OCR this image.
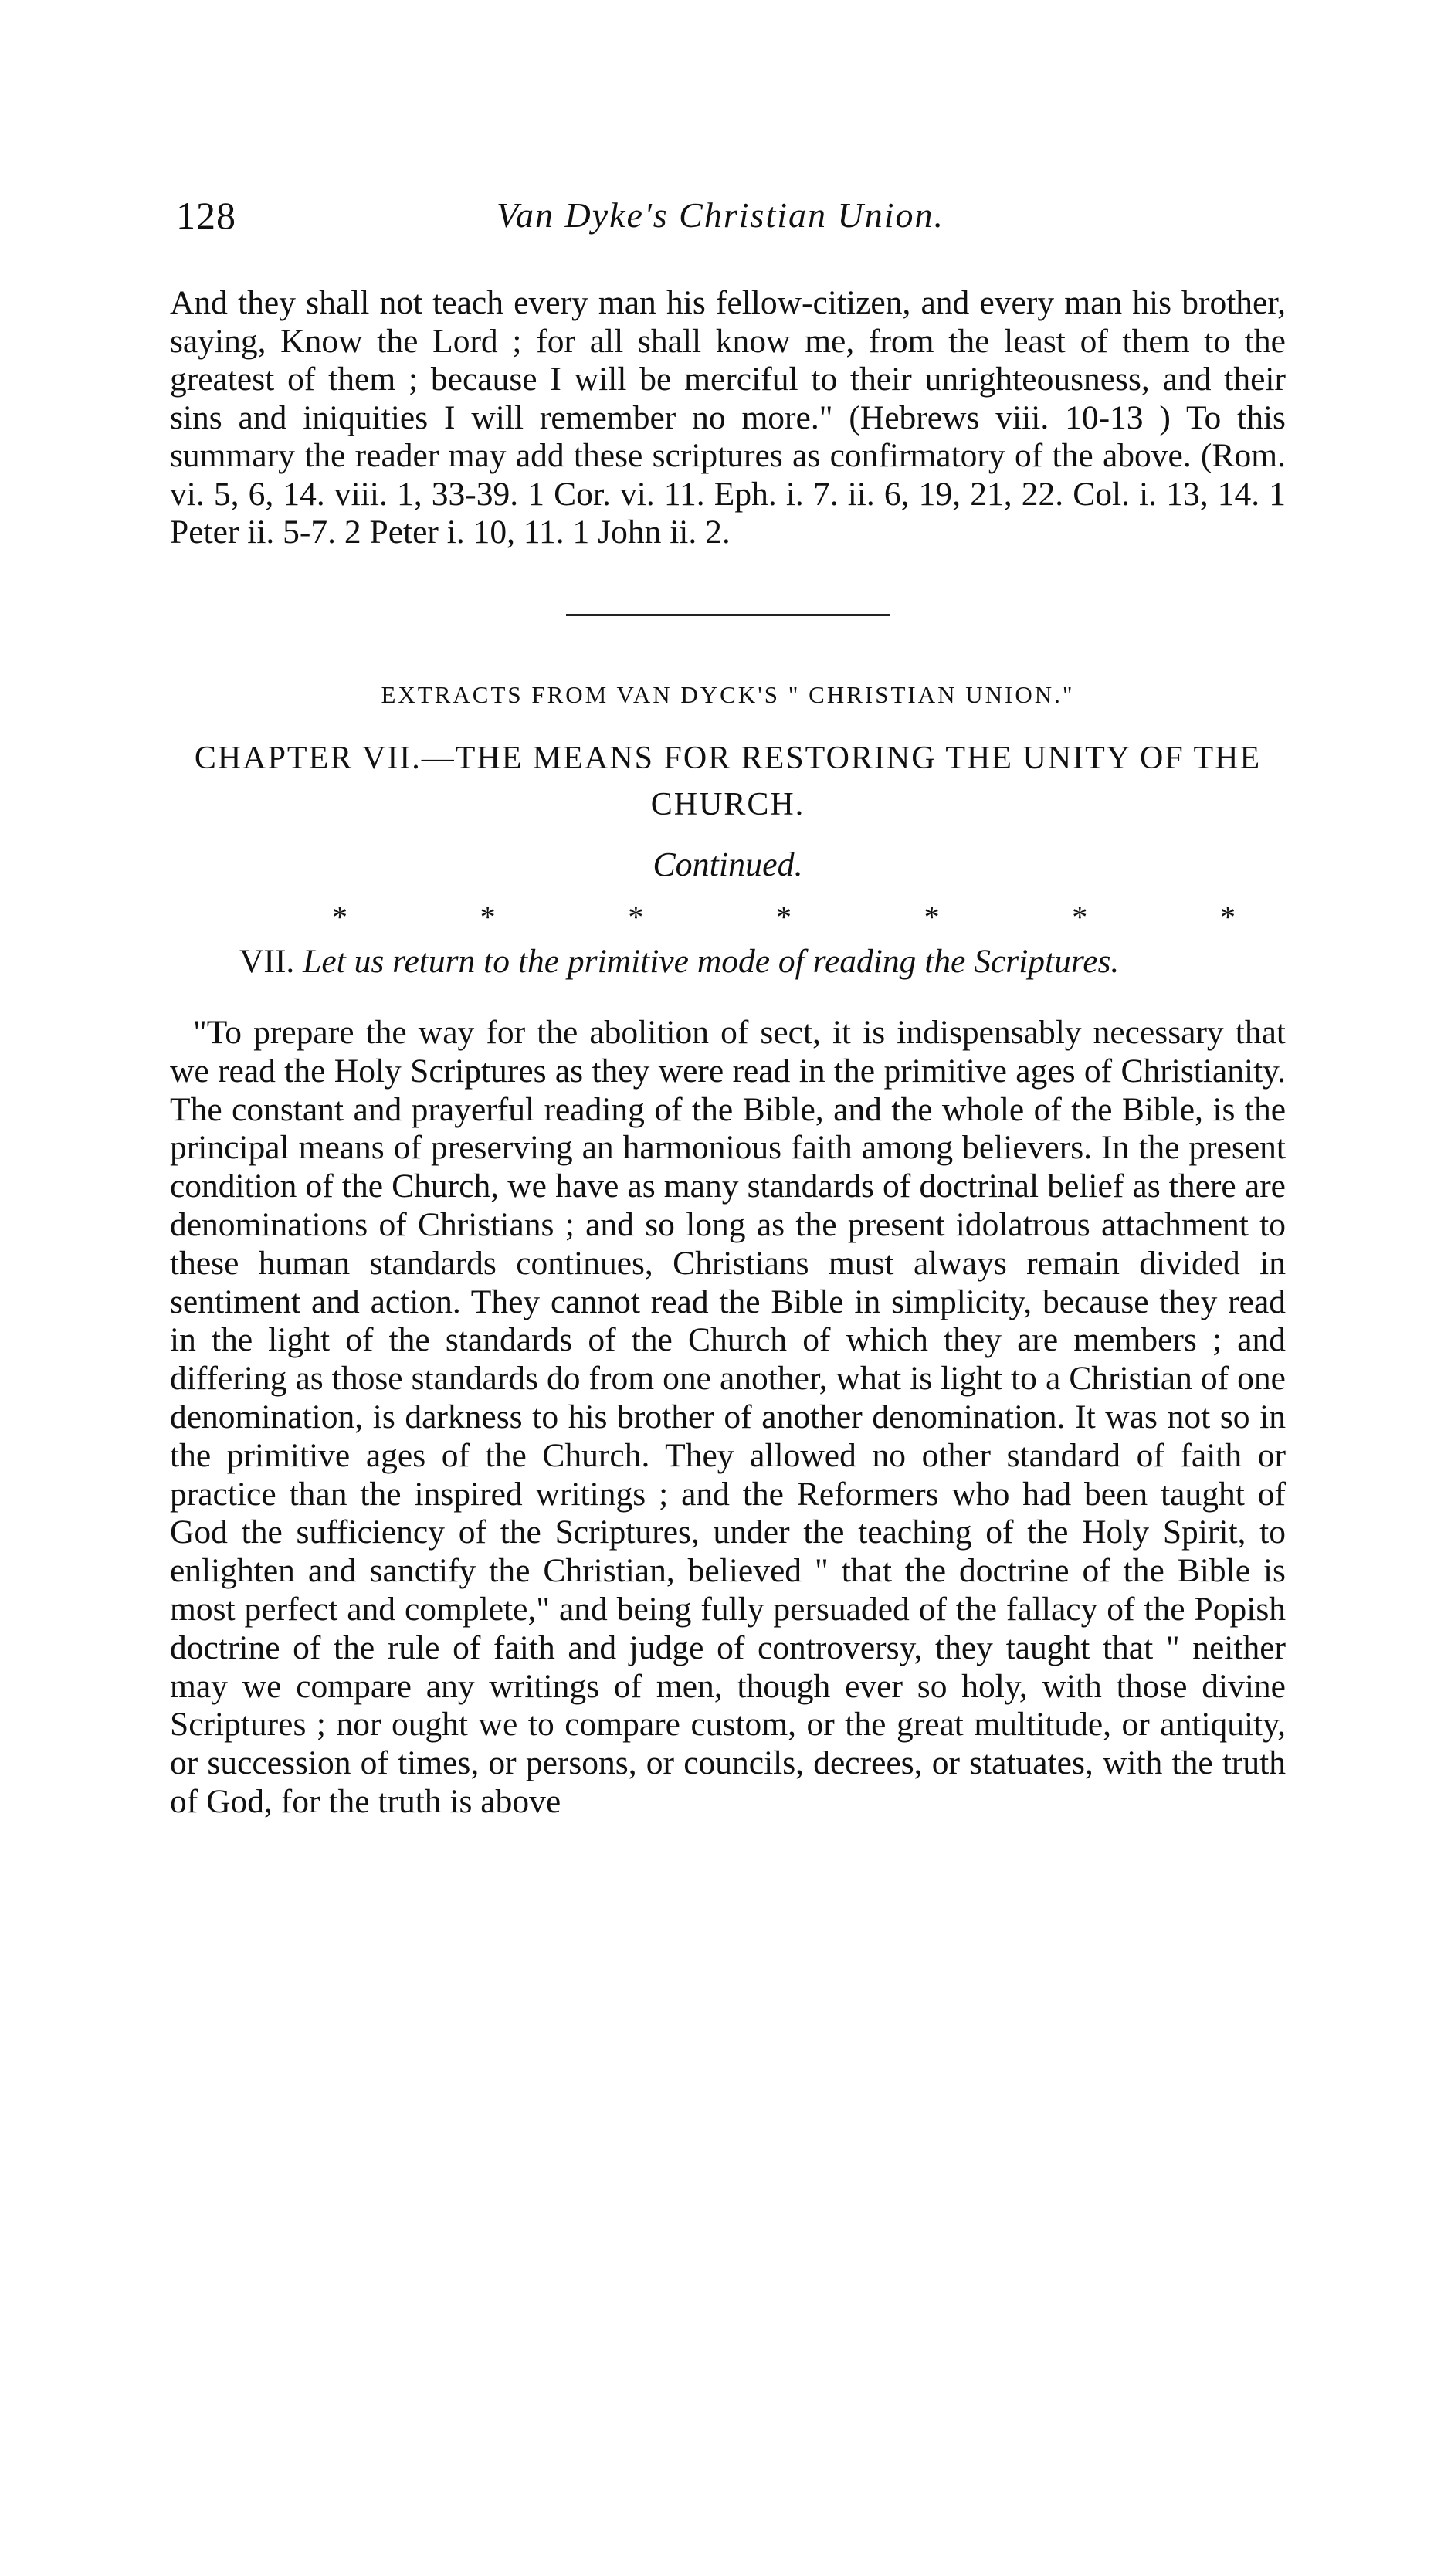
128	Van Dyke's Christian Union.

And they shall not teach every man his fellow-citizen, and every man his brother, saying, Know the Lord ; for all shall know me, from the least of them to the greatest of them ; because I will be merciful to their unrighteousness, and their sins and iniquities I will remember no more." (Hebrews viii. 10-13 ) To this summary the reader may add these scriptures as confirmatory of the above. (Rom. vi. 5, 6, 14. viii. 1, 33-39. 1 Cor. vi. 11. Eph. i. 7. ii. 6, 19, 21, 22. Col. i. 13, 14. 1 Peter ii. 5-7. 2 Peter i. 10, 11. 1 John ii. 2.

EXTRACTS FROM VAN DYCK'S " CHRISTIAN UNION."
CHAPTER VII.—THE MEANS FOR RESTORING THE UNITY OF THE CHURCH.
Continued.
*	*	*	*	*	*	*

VII. Let us return to the primitive mode of reading the Scriptures.

"To prepare the way for the abolition of sect, it is indispensably necessary that we read the Holy Scriptures as they were read in the primitive ages of Christianity. The constant and prayerful reading of the Bible, and the whole of the Bible, is the principal means of preserving an harmonious faith among believers. In the present condition of the Church, we have as many standards of doctrinal belief as there are denominations of Christians ; and so long as the present idolatrous attachment to these human standards continues, Christians must always remain divided in sentiment and action. They cannot read the Bible in simplicity, because they read in the light of the standards of the Church of which they are members ; and differing as those standards do from one another, what is light to a Christian of one denomination, is darkness to his brother of another denomination. It was not so in the primitive ages of the Church. They allowed no other standard of faith or practice than the inspired writings ; and the Reformers who had been taught of God the sufficiency of the Scriptures, under the teaching of the Holy Spirit, to enlighten and sanctify the Christian, believed " that the doctrine of the Bible is most perfect and complete," and being fully persuaded of the fallacy of the Popish doctrine of the rule of faith and judge of controversy, they taught that " neither may we compare any writings of men, though ever so holy, with those divine Scriptures ; nor ought we to compare custom, or the great multitude, or antiquity, or succession of times, or persons, or councils, decrees, or statuates, with the truth of God, for the truth is above
